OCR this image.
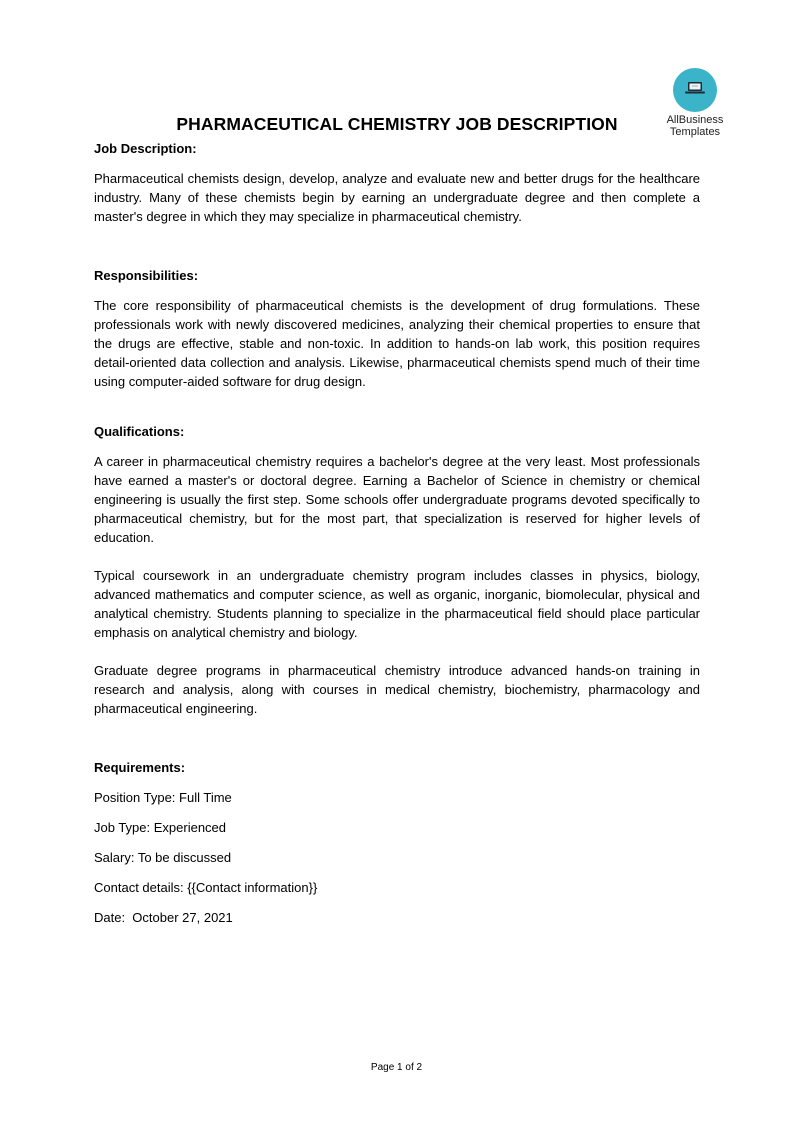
AllBusiness
Templates
PHARMACEUTICAL CHEMISTRY JOB DESCRIPTION

Job Description:

Pharmaceutical chemists design, develop, analyze and evaluate new and better drugs for the healthcare industry. Many of these chemists begin by earning an undergraduate degree and then complete a master's degree in which they may specialize in pharmaceutical chemistry.

Responsibilities:

The core responsibility of pharmaceutical chemists is the development of drug formulations. These professionals work with newly discovered medicines, analyzing their chemical properties to ensure that the drugs are effective, stable and non-toxic. In addition to hands-on lab work, this position requires detail-oriented data collection and analysis. Likewise, pharmaceutical chemists spend much of their time using computer-aided software for drug design.

Qualifications:

A career in pharmaceutical chemistry requires a bachelor's degree at the very least. Most professionals have earned a master's or doctoral degree. Earning a Bachelor of Science in chemistry or chemical engineering is usually the first step. Some schools offer undergraduate programs devoted specifically to pharmaceutical chemistry, but for the most part, that specialization is reserved for higher levels of education.

Typical coursework in an undergraduate chemistry program includes classes in physics, biology, advanced mathematics and computer science, as well as organic, inorganic, biomolecular, physical and analytical chemistry. Students planning to specialize in the pharmaceutical field should place particular emphasis on analytical chemistry and biology.

Graduate degree programs in pharmaceutical chemistry introduce advanced hands-on training in research and analysis, along with courses in medical chemistry, biochemistry, pharmacology and pharmaceutical engineering.

Requirements:

Position Type: Full Time

Job Type: Experienced

Salary: To be discussed

Contact details: {{Contact information}}

Date:  October 27, 2021

Page 1 of 2
